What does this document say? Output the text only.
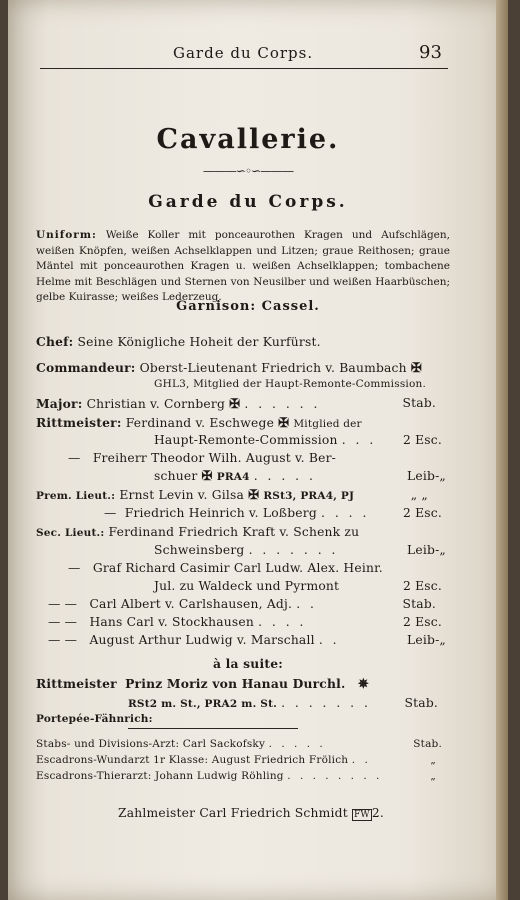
Garde du Corps.	93
Cavallerie.
———∽◦∽———
Garde du Corps.
Uniform: Weiße Koller mit ponceaurothen Kragen und Aufschlägen, weißen Knöpfen, weißen Achselklappen und Litzen; graue Reithosen; graue Mäntel mit ponceaurothen Kragen u. weißen Achselklappen; tombachene Helme mit Beschlägen und Sternen von Neusilber und weißen Haarbüschen; gelbe Kuirasse; weißes Lederzeug.
Garnison: Cassel.
Chef: Seine Königliche Hoheit der Kurfürst.
Commandeur: Oberst-Lieutenant Friedrich v. Baumbach ✠
GHL3, Mitglied der Haupt-Remonte-Commission.
Major: Christian v. Cornberg ✠ . . . . . .	Stab.
Rittmeister: Ferdinand v. Eschwege ✠ Mitglied der
Haupt-Remonte-Commission . . . 2 Esc.
— Freiherr Theodor Wilh. August v. Ber-
schuer ✠ PRA4 . . . . .	Leib-„
Prem. Lieut.: Ernst Levin v. Gilsa ✠ RSt3, PRA4, PJ	„ „
— Friedrich Heinrich v. Loßberg . . . .	2 Esc.
Sec. Lieut.: Ferdinand Friedrich Kraft v. Schenk zu
Schweinsberg . . . . . . .	Leib-„
— Graf Richard Casimir Carl Ludw. Alex. Heinr.
Jul. zu Waldeck und Pyrmont	2 Esc.
— — Carl Albert v. Carlshausen, Adj. . .	Stab.
— — Hans Carl v. Stockhausen . . . .	2 Esc.
— — August Arthur Ludwig v. Marschall . .	Leib-„
à la suite:
Rittmeister Prinz Moriz von Hanau Durchl. ✵
RSt2 m. St., PRA2 m. St. . . . . . . .	Stab.
Portepée-Fähnrich:
Stabs- und Divisions-Arzt: Carl Sackofsky . . . . .	Stab.
Escadrons-Wundarzt 1r Klasse: August Friedrich Frölich . .	„
Escadrons-Thierarzt: Johann Ludwig Röhling . . . . . . . .	„
Zahlmeister Carl Friedrich Schmidt FW 2.
